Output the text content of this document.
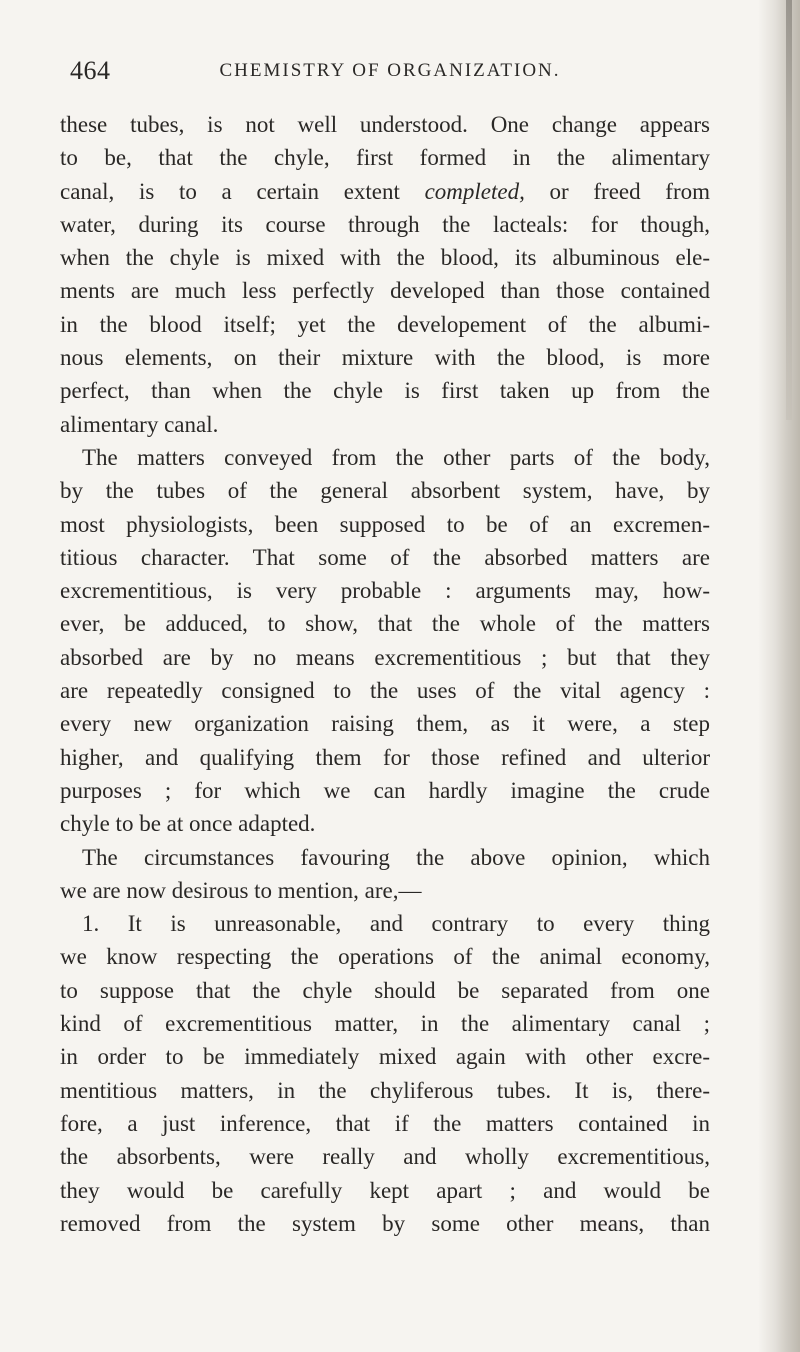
464	CHEMISTRY OF ORGANIZATION.
these tubes, is not well understood. One change appears
to be, that the chyle, first formed in the alimentary
canal, is to a certain extent completed, or freed from
water, during its course through the lacteals: for though,
when the chyle is mixed with the blood, its albuminous ele-
ments are much less perfectly developed than those contained
in the blood itself; yet the developement of the albumi-
nous elements, on their mixture with the blood, is more
perfect, than when the chyle is first taken up from the
alimentary canal.
The matters conveyed from the other parts of the body,
by the tubes of the general absorbent system, have, by
most physiologists, been supposed to be of an excremen-
titious character. That some of the absorbed matters are
excrementitious, is very probable : arguments may, how-
ever, be adduced, to show, that the whole of the matters
absorbed are by no means excrementitious ; but that they
are repeatedly consigned to the uses of the vital agency :
every new organization raising them, as it were, a step
higher, and qualifying them for those refined and ulterior
purposes ; for which we can hardly imagine the crude
chyle to be at once adapted.
The circumstances favouring the above opinion, which
we are now desirous to mention, are,—
1. It is unreasonable, and contrary to every thing
we know respecting the operations of the animal economy,
to suppose that the chyle should be separated from one
kind of excrementitious matter, in the alimentary canal ;
in order to be immediately mixed again with other excre-
mentitious matters, in the chyliferous tubes. It is, there-
fore, a just inference, that if the matters contained in
the absorbents, were really and wholly excrementitious,
they would be carefully kept apart ; and would be
removed from the system by some other means, than
